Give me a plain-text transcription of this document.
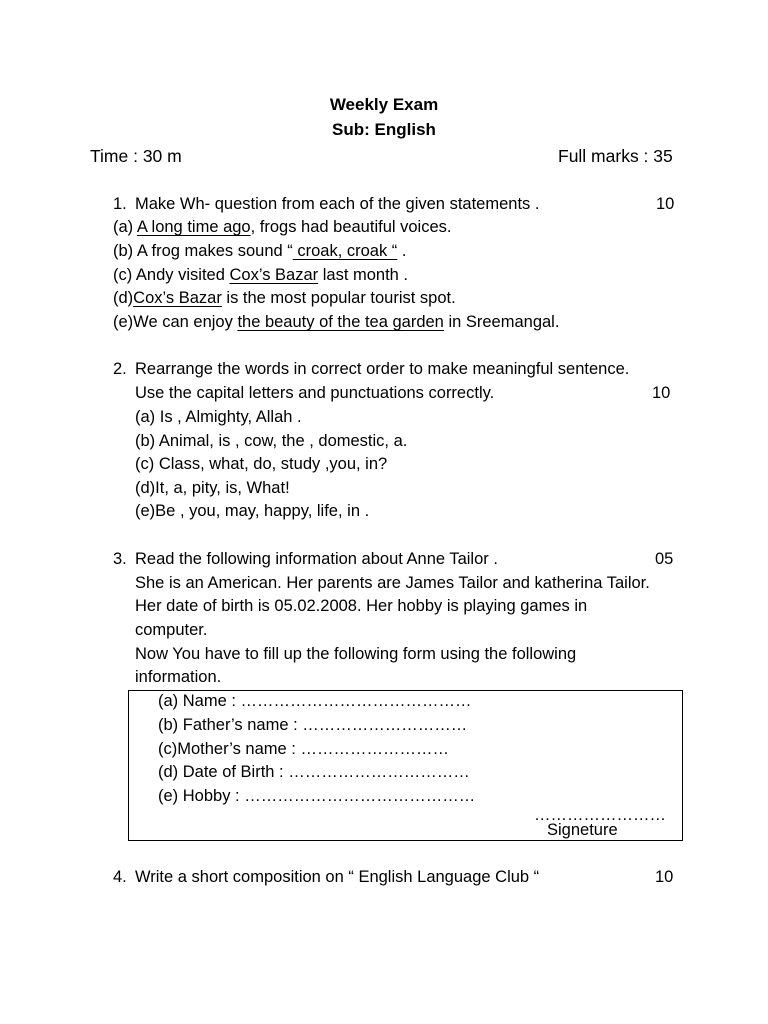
Weekly Exam
Sub: English
Time : 30 m	Full marks : 35
1. Make Wh- question from each of the given statements .	10
(a) A long time ago, frogs had beautiful voices.
(b) A frog makes sound “ croak, croak “ .
(c) Andy visited Cox’s Bazar last month .
(d)Cox’s Bazar is the most popular tourist spot.
(e)We can enjoy the beauty of the tea garden in Sreemangal.
2. Rearrange the words in correct order to make meaningful sentence.
Use the capital letters and punctuations correctly.	10
(a) Is , Almighty, Allah .
(b) Animal, is , cow, the , domestic, a.
(c) Class, what, do, study ,you, in?
(d)It, a, pity, is, What!
(e)Be , you, may, happy, life, in .
3. Read the following information about Anne Tailor .	05
She is an American. Her parents are James Tailor and katherina Tailor.
Her date of birth is 05.02.2008. Her hobby is playing games in
computer.
Now You have to fill up the following form using the following
information.
(a) Name : ……………………………………
(b) Father’s name : …………………………
(c)Mother’s name : ………………………
(d) Date of Birth : ……………………………
(e) Hobby : ……………………………………
……………………
Signeture
4. Write a short composition on “ English Language Club “	10
